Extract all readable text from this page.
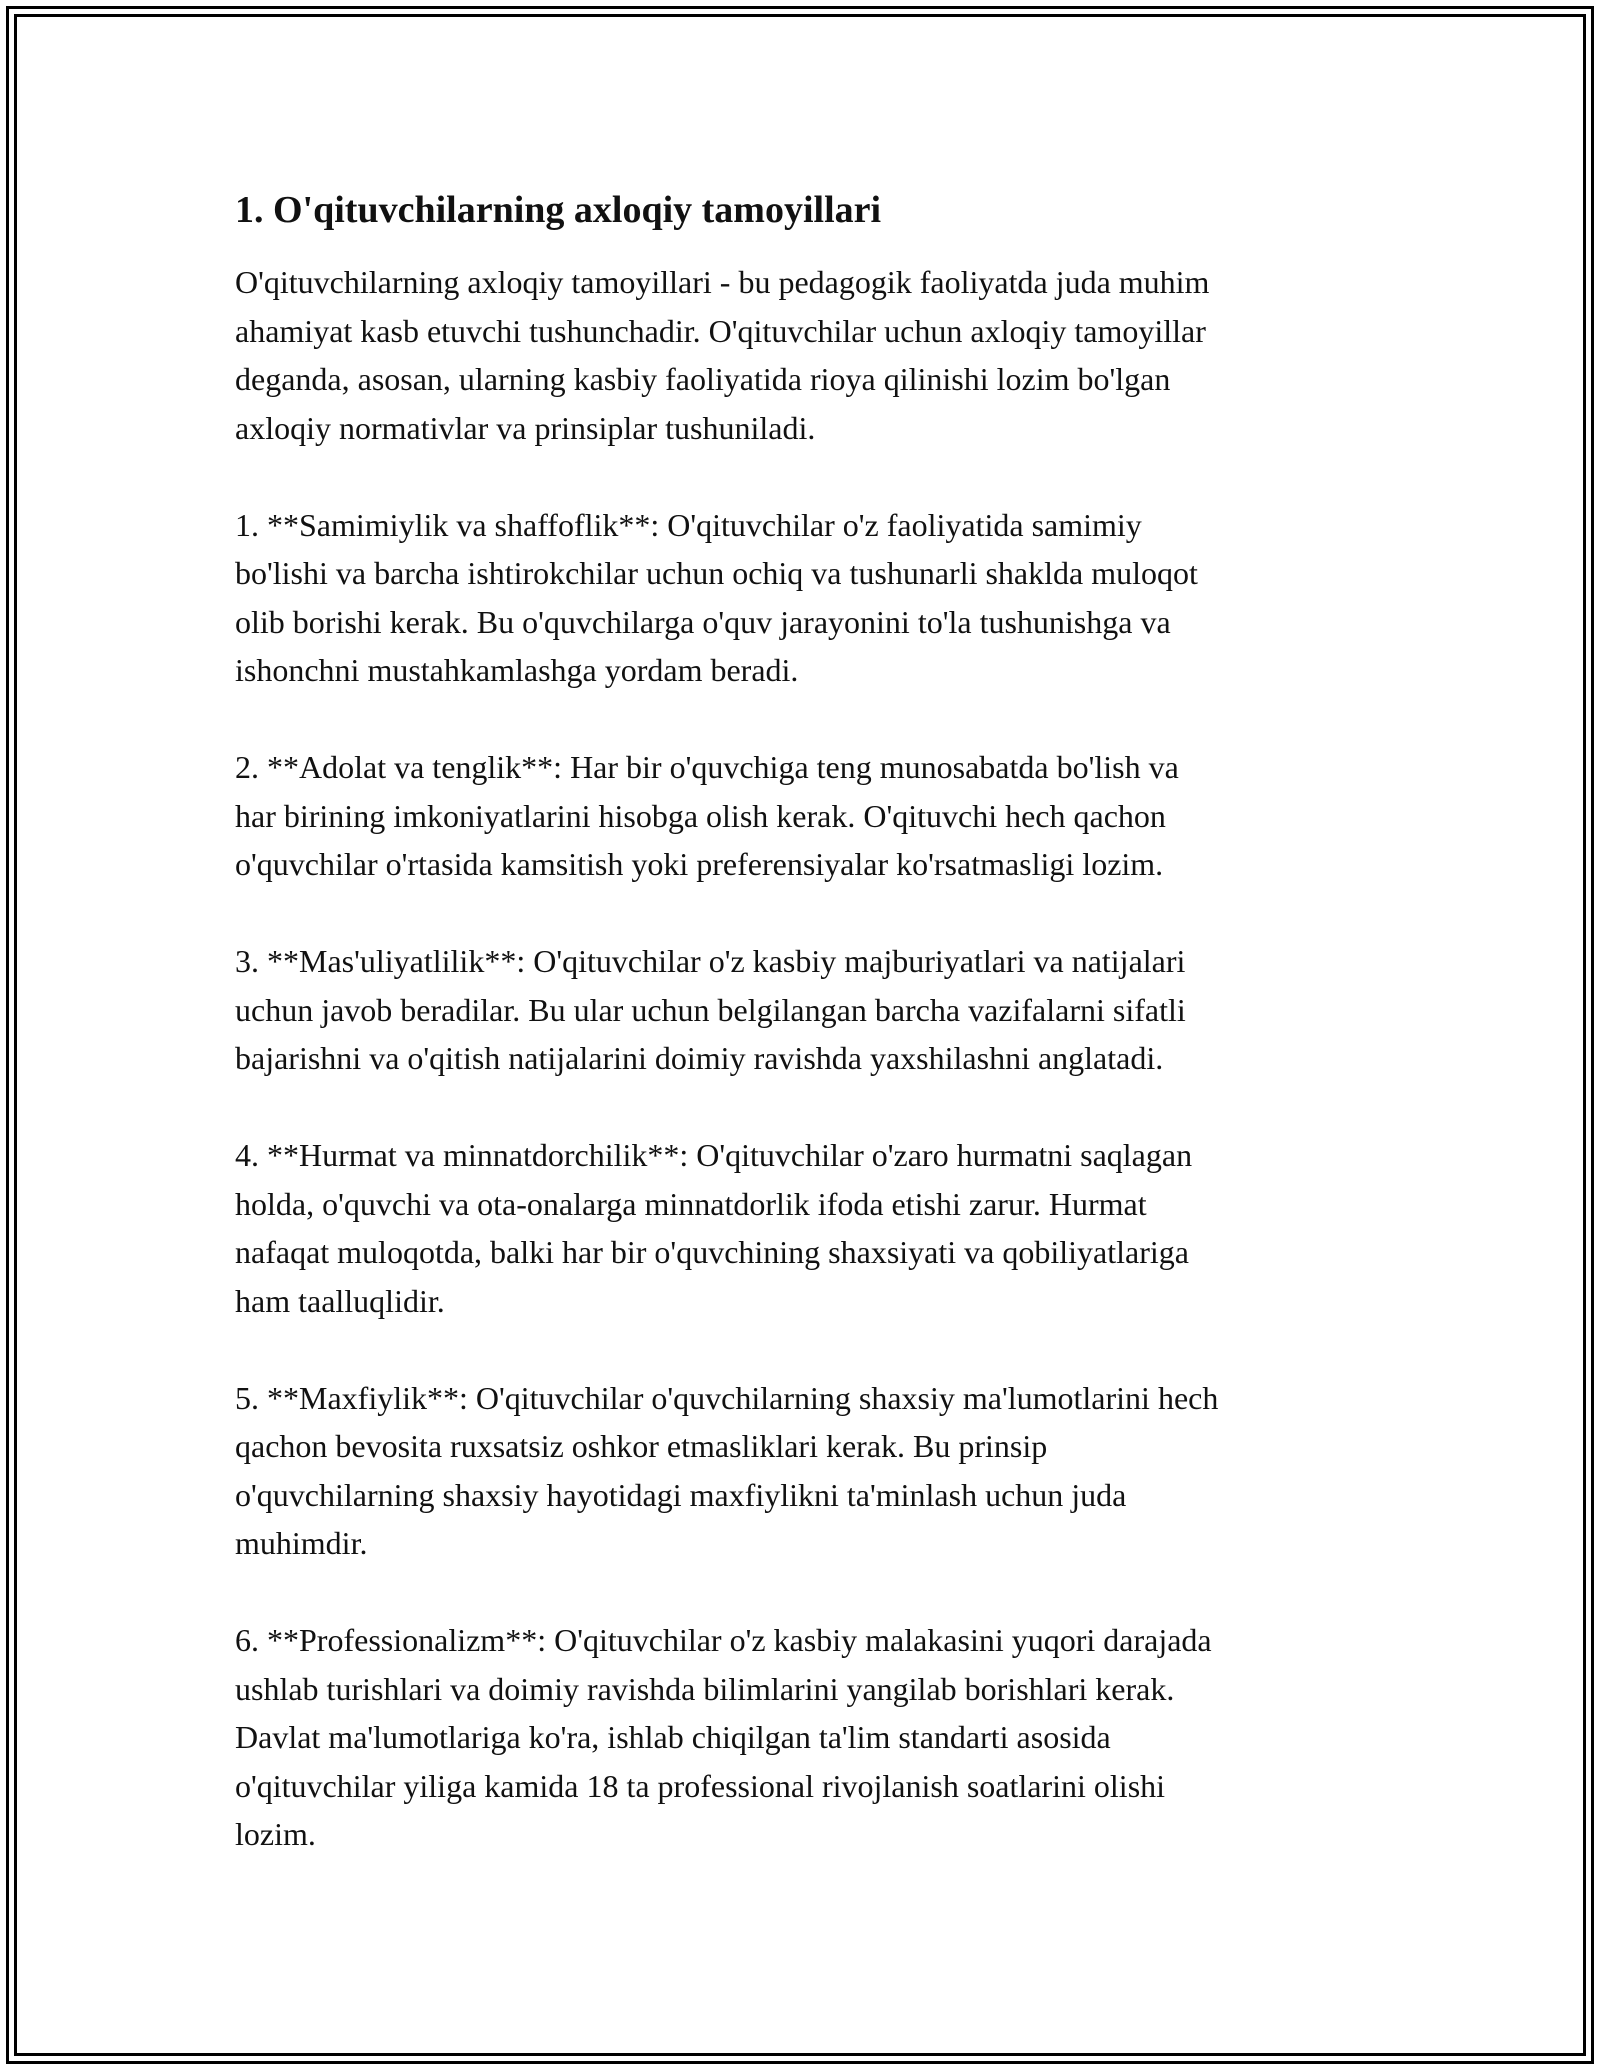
1. O'qituvchilarning axloqiy tamoyillari
O'qituvchilarning axloqiy tamoyillari - bu pedagogik faoliyatda juda muhim
ahamiyat kasb etuvchi tushunchadir. O'qituvchilar uchun axloqiy tamoyillar
deganda, asosan, ularning kasbiy faoliyatida rioya qilinishi lozim bo'lgan
axloqiy normativlar va prinsiplar tushuniladi.
1. **Samimiylik va shaffoflik**: O'qituvchilar o'z faoliyatida samimiy
bo'lishi va barcha ishtirokchilar uchun ochiq va tushunarli shaklda muloqot
olib borishi kerak. Bu o'quvchilarga o'quv jarayonini to'la tushunishga va
ishonchni mustahkamlashga yordam beradi.
2. **Adolat va tenglik**: Har bir o'quvchiga teng munosabatda bo'lish va
har birining imkoniyatlarini hisobga olish kerak. O'qituvchi hech qachon
o'quvchilar o'rtasida kamsitish yoki preferensiyalar ko'rsatmasligi lozim.
3. **Mas'uliyatlilik**: O'qituvchilar o'z kasbiy majburiyatlari va natijalari
uchun javob beradilar. Bu ular uchun belgilangan barcha vazifalarni sifatli
bajarishni va o'qitish natijalarini doimiy ravishda yaxshilashni anglatadi.
4. **Hurmat va minnatdorchilik**: O'qituvchilar o'zaro hurmatni saqlagan
holda, o'quvchi va ota-onalarga minnatdorlik ifoda etishi zarur. Hurmat
nafaqat muloqotda, balki har bir o'quvchining shaxsiyati va qobiliyatlariga
ham taalluqlidir.
5. **Maxfiylik**: O'qituvchilar o'quvchilarning shaxsiy ma'lumotlarini hech
qachon bevosita ruxsatsiz oshkor etmasliklari kerak. Bu prinsip
o'quvchilarning shaxsiy hayotidagi maxfiylikni ta'minlash uchun juda
muhimdir.
6. **Professionalizm**: O'qituvchilar o'z kasbiy malakasini yuqori darajada
ushlab turishlari va doimiy ravishda bilimlarini yangilab borishlari kerak.
Davlat ma'lumotlariga ko'ra, ishlab chiqilgan ta'lim standarti asosida
o'qituvchilar yiliga kamida 18 ta professional rivojlanish soatlarini olishi
lozim.
